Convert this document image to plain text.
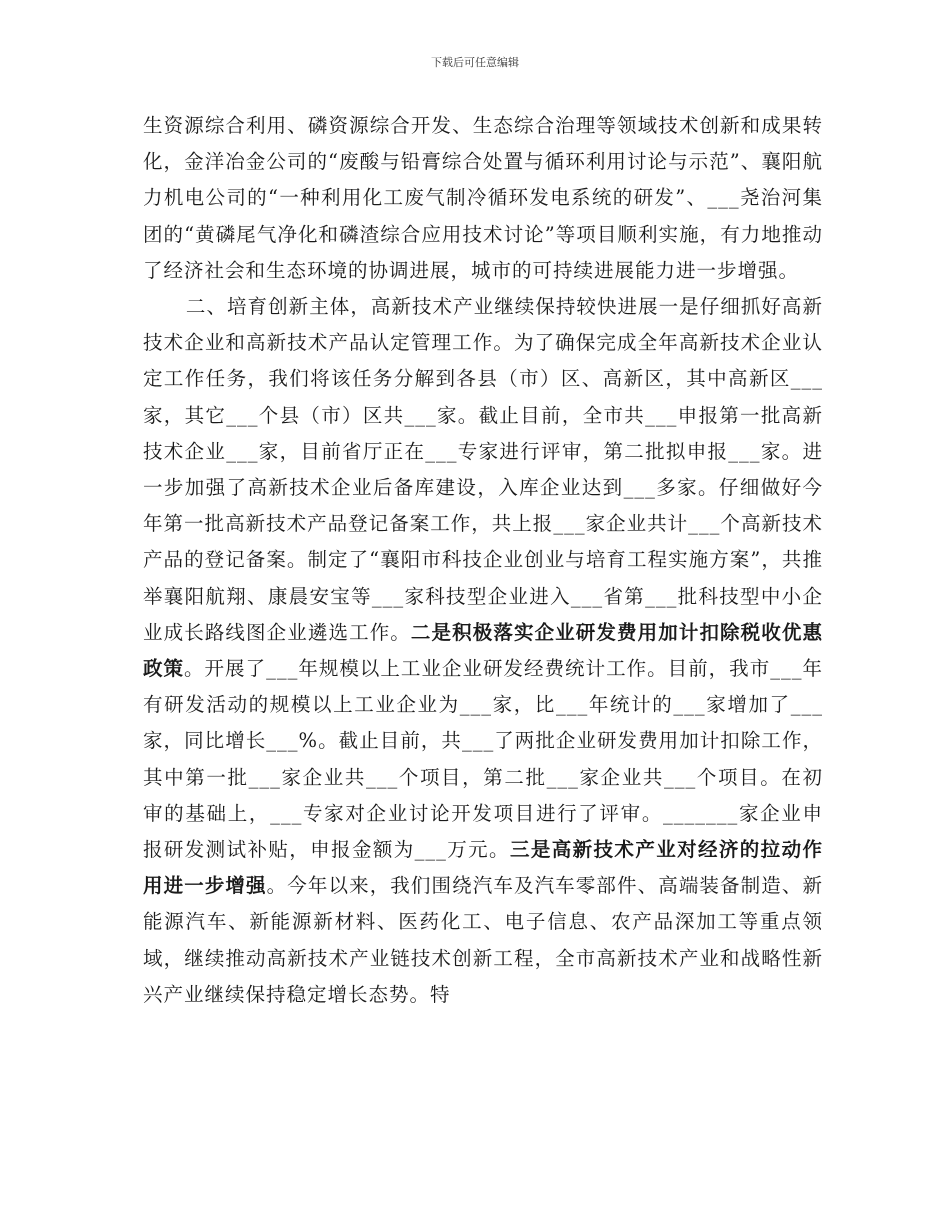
下载后可任意编辑

生资源综合利用、磷资源综合开发、生态综合治理等领域技术创新和成果转化，金洋冶金公司的“废酸与铅膏综合处置与循环利用讨论与示范”、襄阳航力机电公司的“一种利用化工废气制冷循环发电系统的研发”、___尧治河集团的“黄磷尾气净化和磷渣综合应用技术讨论”等项目顺利实施，有力地推动了经济社会和生态环境的协调进展，城市的可持续进展能力进一步增强。

二、培育创新主体，高新技术产业继续保持较快进展一是仔细抓好高新技术企业和高新技术产品认定管理工作。为了确保完成全年高新技术企业认定工作任务，我们将该任务分解到各县（市）区、高新区，其中高新区___家，其它___个县（市）区共___家。截止目前，全市共___申报第一批高新技术企业___家，目前省厅正在___专家进行评审，第二批拟申报___家。进一步加强了高新技术企业后备库建设，入库企业达到___多家。仔细做好今年第一批高新技术产品登记备案工作，共上报___家企业共计___个高新技术产品的登记备案。制定了“襄阳市科技企业创业与培育工程实施方案”，共推举襄阳航翔、康晨安宝等___家科技型企业进入___省第___批科技型中小企业成长路线图企业遴选工作。二是积极落实企业研发费用加计扣除税收优惠政策。开展了___年规模以上工业企业研发经费统计工作。目前，我市___年有研发活动的规模以上工业企业为___家，比___年统计的___家增加了___家，同比增长___%。截止目前，共___了两批企业研发费用加计扣除工作，其中第一批___家企业共___个项目，第二批___家企业共___个项目。在初审的基础上，___专家对企业讨论开发项目进行了评审。_______家企业申报研发测试补贴，申报金额为___万元。三是高新技术产业对经济的拉动作用进一步增强。今年以来，我们围绕汽车及汽车零部件、高端装备制造、新能源汽车、新能源新材料、医药化工、电子信息、农产品深加工等重点领域，继续推动高新技术产业链技术创新工程，全市高新技术产业和战略性新兴产业继续保持稳定增长态势。特
